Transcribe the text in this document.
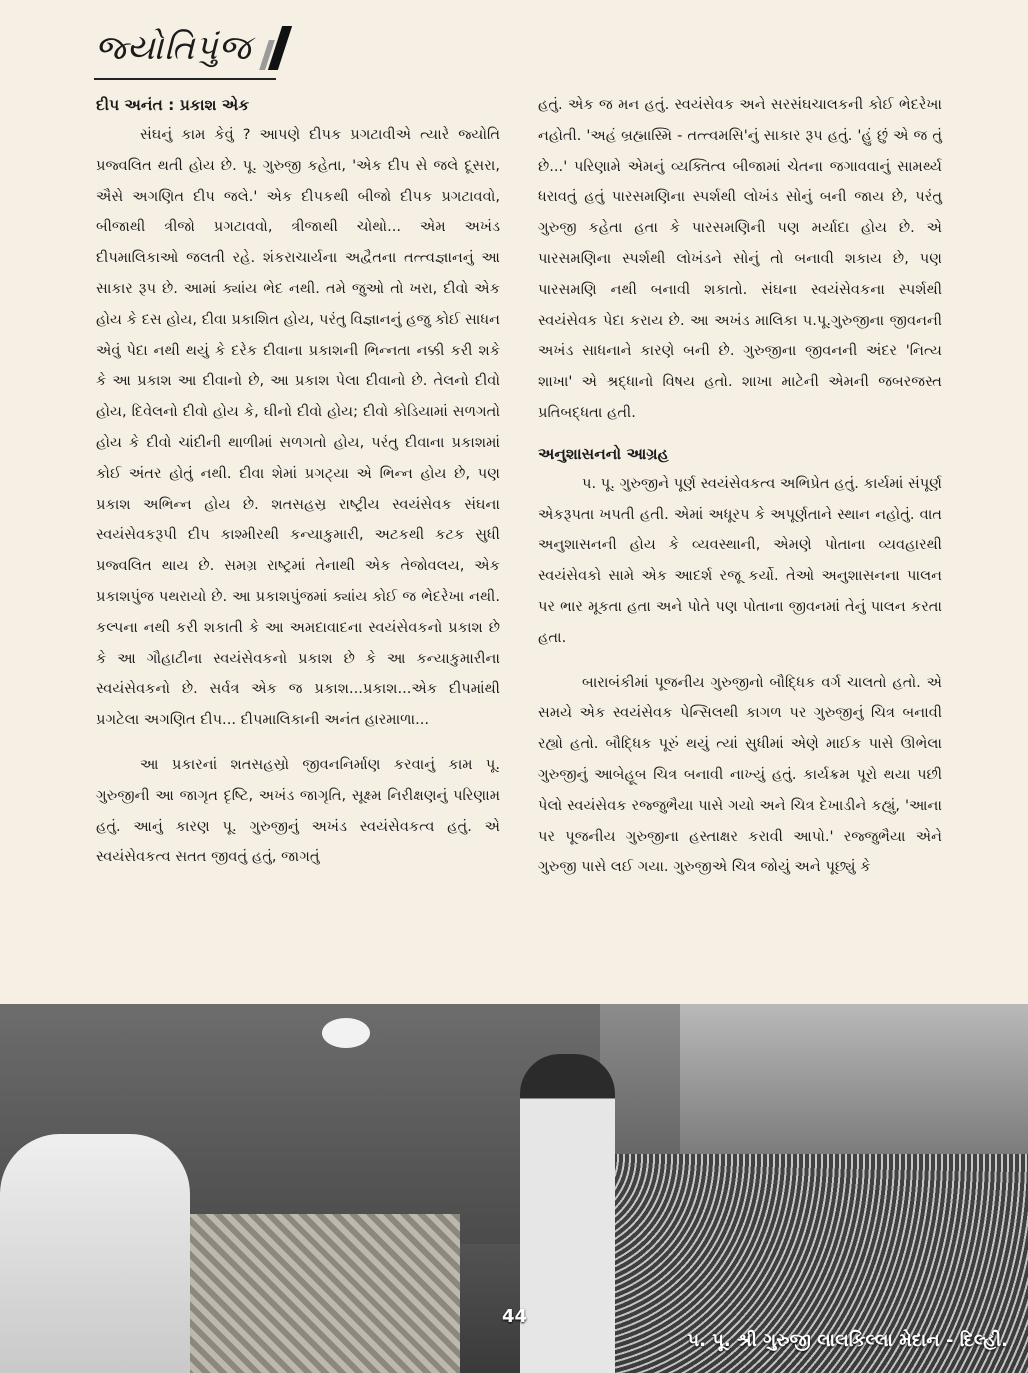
જ્યોતિપુંજ
દીપ અનંત : પ્રકાશ એક

સંઘનું કામ કેવું ? આપણે દીપક પ્રગટાવીએ ત્યારે જ્યોતિ પ્રજ્વલિત થતી હોય છે. પૂ. ગુરુજી કહેતા, 'એક દીપ સે જલે દૂસરા, ઐસે અગણિત દીપ જલે.' એક દીપકથી બીજો દીપક પ્રગટાવવો, બીજાથી ત્રીજો પ્રગટાવવો, ત્રીજાથી ચોથો... એમ અખંડ દીપમાલિકાઓ જલતી રહે. શંકરાચાર્યના અદ્વૈતના તત્ત્વજ્ઞાનનું આ સાકાર રૂપ છે. આમાં ક્યાંય ભેદ નથી. તમે જુઓ તો ખરા, દીવો એક હોય કે દસ હોય, દીવા પ્રકાશિત હોય, પરંતુ વિજ્ઞાનનું હજુ કોઈ સાધન એવું પેદા નથી થયું કે દરેક દીવાના પ્રકાશની ભિન્નતા નક્કી કરી શકે કે આ પ્રકાશ આ દીવાનો છે, આ પ્રકાશ પેલા દીવાનો છે. તેલનો દીવો હોય, દિવેલનો દીવો હોય કે, ઘીનો દીવો હોય; દીવો કોડિયામાં સળગતો હોય કે દીવો ચાંદીની થાળીમાં સળગતો હોય, પરંતુ દીવાના પ્રકાશમાં કોઈ અંતર હોતું નથી. દીવા શેમાં પ્રગટ્યા એ ભિન્ન હોય છે, પણ પ્રકાશ અભિન્ન હોય છે. શતસહસ્ર રાષ્ટ્રીય સ્વયંસેવક સંઘના સ્વયંસેવકરૂપી દીપ કાશ્મીરથી કન્યાકુમારી, અટકથી કટક સુધી પ્રજ્વલિત થાય છે. સમગ્ર રાષ્ટ્રમાં તેનાથી એક તેજોવલય, એક પ્રકાશપુંજ પથરાયો છે. આ પ્રકાશપુંજમાં ક્યાંય કોઈ જ ભેદરેખા નથી. કલ્પના નથી કરી શકાતી કે આ અમદાવાદના સ્વયંસેવકનો પ્રકાશ છે કે આ ગૌહાટીના સ્વયંસેવકનો પ્રકાશ છે કે આ કન્યાકુમારીના સ્વયંસેવકનો છે. સર્વત્ર એક જ પ્રકાશ...પ્રકાશ...એક દીપમાંથી પ્રગટેલા અગણિત દીપ... દીપમાલિકાની અનંત હારમાળા...

આ પ્રકારનાં શતસહસ્રો જીવનનિર્માણ કરવાનું કામ પૂ. ગુરુજીની આ જાગૃત દૃષ્ટિ, અખંડ જાગૃતિ, સૂક્ષ્મ નિરીક્ષણનું પરિણામ હતું. આનું કારણ પૂ. ગુરુજીનું અખંડ સ્વયંસેવકત્વ હતું. એ સ્વયંસેવકત્વ સતત જીવતું હતું, જાગતું

હતું. એક જ મન હતું. સ્વયંસેવક અને સરસંઘચાલકની કોઈ ભેદરેખા નહોતી. 'અહં બ્રહ્માસ્મિ - તત્ત્વમસિ'નું સાકાર રૂપ હતું. 'હું છું એ જ તું છે...' પરિણામે એમનું વ્યક્તિત્વ બીજામાં ચેતના જગાવવાનું સામર્થ્ય ધરાવતું હતું પારસમણિના સ્પર્શથી લોખંડ સોનું બની જાય છે, પરંતુ ગુરુજી કહેતા હતા કે પારસમણિની પણ મર્યાદા હોય છે. એ પારસમણિના સ્પર્શથી લોખંડને સોનું તો બનાવી શકાય છે, પણ પારસમણિ નથી બનાવી શકાતો. સંઘના સ્વયંસેવકના સ્પર્શથી સ્વયંસેવક પેદા કરાય છે. આ અખંડ માલિકા પ.પૂ.ગુરુજીના જીવનની અખંડ સાધનાને કારણે બની છે. ગુરુજીના જીવનની અંદર 'નિત્ય શાખા' એ શ્રદ્ધાનો વિષય હતો. શાખા માટેની એમની જબરજસ્ત પ્રતિબદ્ધતા હતી.

અનુશાસનનો આગ્રહ

પ. પૂ. ગુરુજીને પૂર્ણ સ્વયંસેવકત્વ અભિપ્રેત હતું. કાર્યમાં સંપૂર્ણ એકરૂપતા ખપતી હતી. એમાં અધૂરપ કે અપૂર્ણતાને સ્થાન નહોતું. વાત અનુશાસનની હોય કે વ્યવસ્થાની, એમણે પોતાના વ્યવહારથી સ્વયંસેવકો સામે એક આદર્શ રજૂ કર્યો. તેઓ અનુશાસનના પાલન પર ભાર મૂકતા હતા અને પોતે પણ પોતાના જીવનમાં તેનું પાલન કરતા હતા.

બારાબંકીમાં પૂજનીય ગુરુજીનો બૌદ્ધિક વર્ગ ચાલતો હતો. એ સમયે એક સ્વયંસેવક પેન્સિલથી કાગળ પર ગુરુજીનું ચિત્ર બનાવી રહ્યો હતો. બૌદ્ધિક પૂરું થયું ત્યાં સુધીમાં એણે માઈક પાસે ઊભેલા ગુરુજીનું આબેહૂબ ચિત્ર બનાવી નાખ્યું હતું. કાર્યક્રમ પૂરો થયા પછી પેલો સ્વયંસેવક રજ્જુભૈયા પાસે ગયો અને ચિત્ર દેખાડીને કહ્યું, 'આના પર પૂજનીય ગુરુજીના હસ્તાક્ષર કરાવી આપો.' રજ્જુભૈયા એને ગુરુજી પાસે લઈ ગયા. ગુરુજીએ ચિત્ર જોયું અને પૂછ્યું કે

પ. પૂ. શ્રી ગુરુજી લાલકિલ્લા મેદાન - દિલ્હી.
44
